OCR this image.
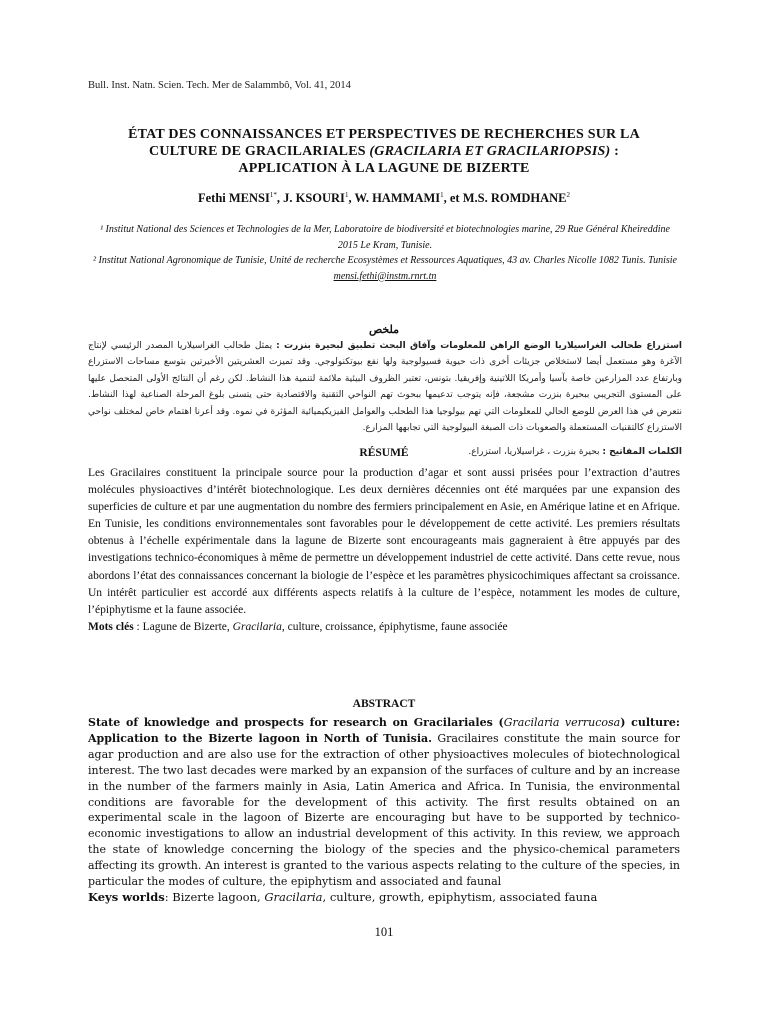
Bull. Inst. Natn. Scien. Tech. Mer de Salammbô, Vol. 41, 2014
ÉTAT DES CONNAISSANCES ET PERSPECTIVES DE RECHERCHES SUR LA
CULTURE DE GRACILARIALES (GRACILARIA ET GRACILARIOPSIS) :
APPLICATION À LA LAGUNE DE BIZERTE
Fethi $MENSI^{1*}$, J. KSOURI$^1$, W. HAMMAMI$^1$, et M.S. ROMDHANE$^2$
¹ Institut National des Sciences et Technologies de la Mer, Laboratoire de biodiversité et biotechnologies marine, 29 Rue Général Kheireddine 2015 Le Kram, Tunisie.
² Institut National Agronomique de Tunisie, Unité de recherche Ecosystèmes et Ressources Aquatiques, 43 av. Charles Nicolle 1082 Tunis. Tunisie
mensi.fethi@instm.rnrt.tn
ملخص
استزراع طحالب الغراسيلاريا الوضع الراهن للمعلومات وآفاق البحث تطبيق لبحيرة بنزرت : يمثل طحالب الغراسيلاريا المصدر الرئيسي لإنتاج الآغرة وهو مستعمل أيضا لاستخلاص جزيئات أخرى ذات حيوية فسيولوجية ولها نفع بيوتكنولوجي. وقد تميزت العشريتين الأخيرتين بتوسع مساحات الاستزراع وبارتفاع عدد المزارعين خاصة بآسيا وأمريكا اللاتينية وإفريقيا. بتونس، تعتبر الظروف البيئية ملائمة لتنمية هذا النشاط. لكن رغم أن النتائج الأولى المتحصل عليها على المستوى التجريبي ببحيرة بنزرت مشجعة، فإنه يتوجب تدعيمها ببحوث تهم النواحي التقنية والاقتصادية حتى يتسنى بلوغ المرحلة الصناعية لهذا النشاط. نتعرض في هذا العرض للوضع الحالي للمعلومات التي تهم بيولوجيا هذا الطحلب والعوامل الفيزيكيميائية المؤثرة في نموه. وقد أعرنا اهتمام خاص لمختلف نواحي الاستزراع كالتقنيات المستعملة والصعوبات ذات الصبغة البيولوجية التي تجابهها المزارع.
الكلمات المفاتيح : بحيرة بنزرت ، غراسيلاريا، استزراع.
RÉSUMÉ
Les Gracilaires constituent la principale source pour la production d’agar et sont aussi prisées pour l’extraction d’autres molécules physioactives d’intérêt biotechnologique. Les deux dernières décennies ont été marquées par une expansion des superficies de culture et par une augmentation du nombre des fermiers principalement en Asie, en Amérique latine et en Afrique. En Tunisie, les conditions environnementales sont favorables pour le développement de cette activité. Les premiers résultats obtenus à l’échelle expérimentale dans la lagune de Bizerte sont encourageants mais gagneraient à être appuyés par des investigations technico-économiques à même de permettre un développement industriel de cette activité. Dans cette revue, nous abordons l’état des connaissances concernant la biologie de l’espèce et les paramètres physicochimiques affectant sa croissance. Un intérêt particulier est accordé aux différents aspects relatifs à la culture de l’espèce, notamment les modes de culture, l’épiphytisme et la faune associée.
Mots clés : Lagune de Bizerte, Gracilaria, culture, croissance, épiphytisme, faune associée
ABSTRACT
State of knowledge and prospects for research on Gracilariales (Gracilaria verrucosa) culture: Application to the Bizerte lagoon in North of Tunisia. Gracilaires constitute the main source for agar production and are also use for the extraction of other physioactives molecules of biotechnological interest. The two last decades were marked by an expansion of the surfaces of culture and by an increase in the number of the farmers mainly in Asia, Latin America and Africa. In Tunisia, the environmental conditions are favorable for the development of this activity. The first results obtained on an experimental scale in the lagoon of Bizerte are encouraging but have to be supported by technico-economic investigations to allow an industrial development of this activity. In this review, we approach the state of knowledge concerning the biology of the species and the physico-chemical parameters affecting its growth. An interest is granted to the various aspects relating to the culture of the species, in particular the modes of culture, the epiphytism and associated and faunal
Keys worlds: Bizerte lagoon, Gracilaria, culture, growth, epiphytism, associated fauna
101
